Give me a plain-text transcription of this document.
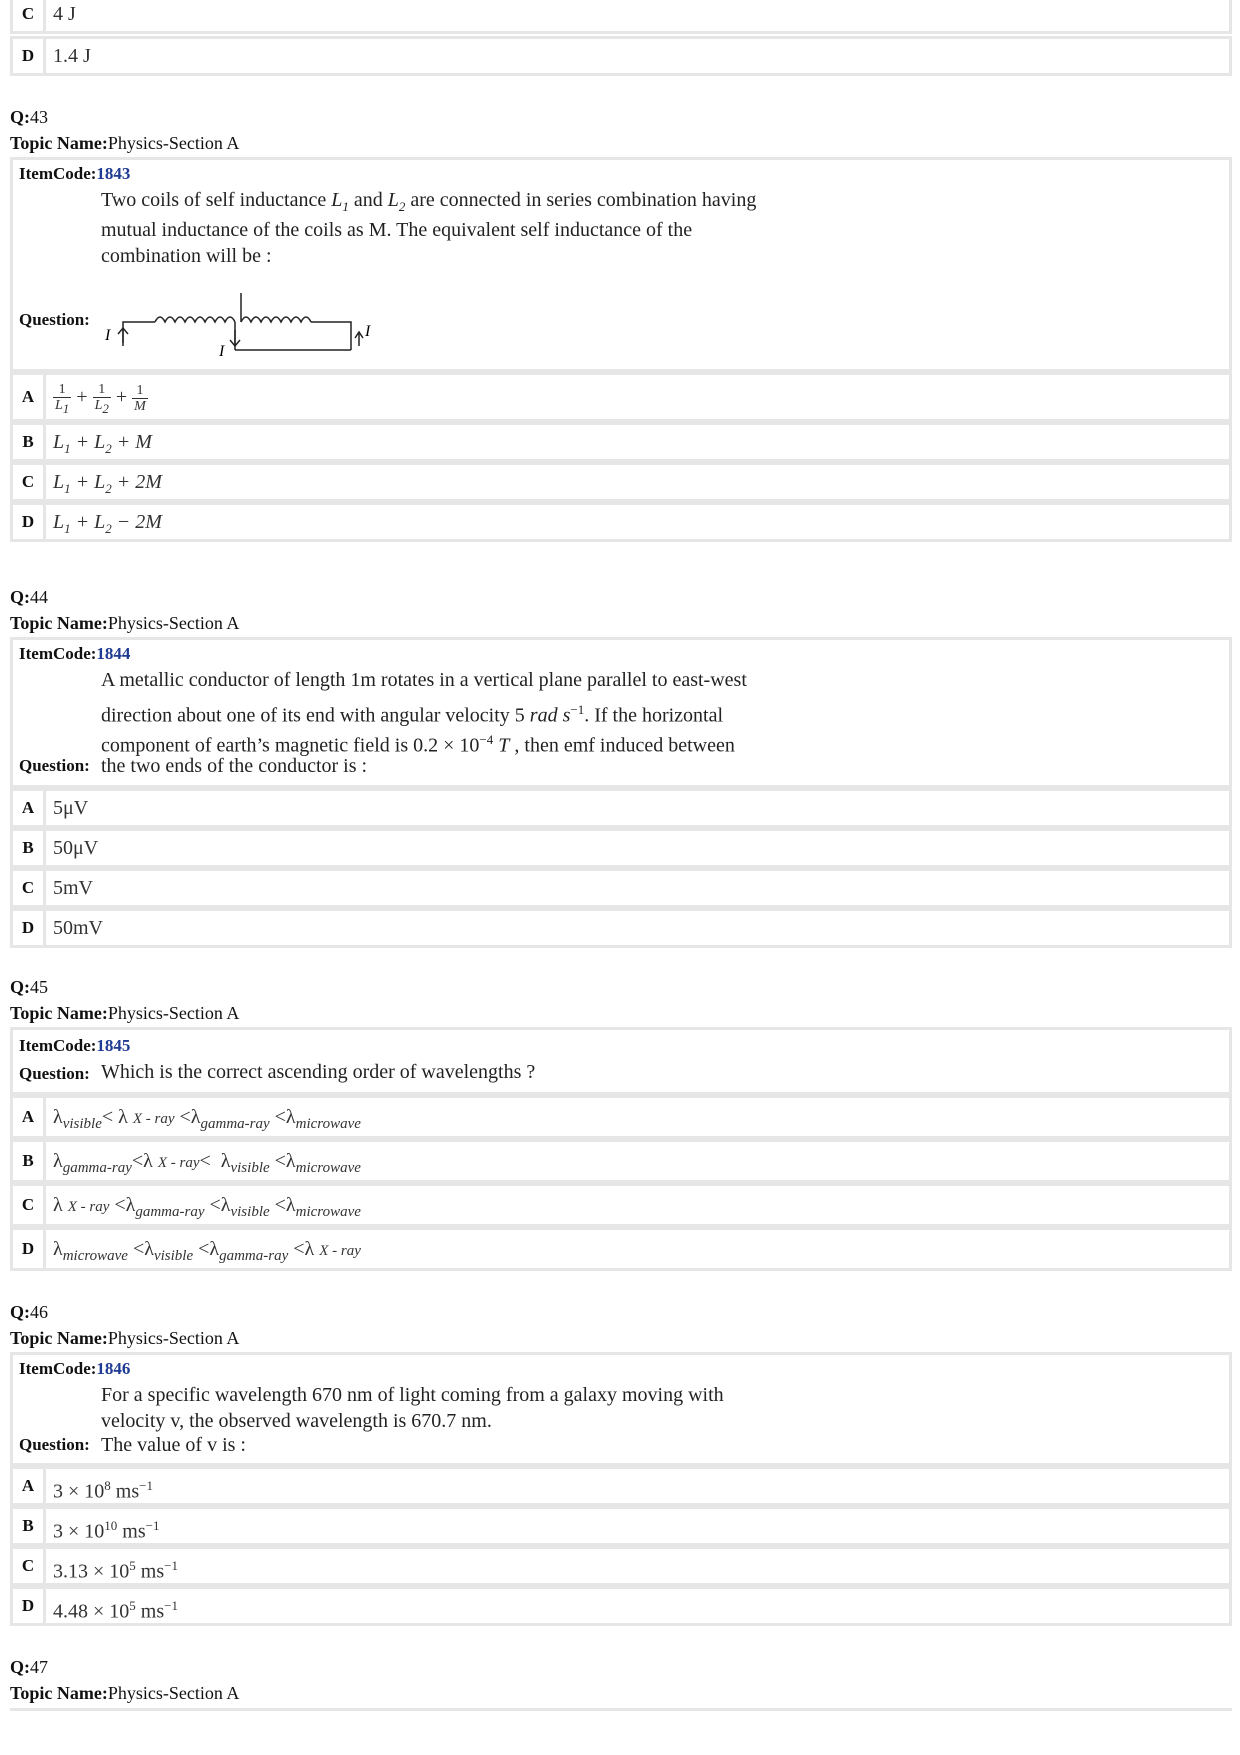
C 4 J
D 1.4 J
Q:43
Topic Name:Physics-Section A
ItemCode:1843
Two coils of self inductance $L_1$ and $L_2$ are connected in series combination having
mutual inductance of the coils as M. The equivalent self inductance of the
combination will be :
I
I
I
Question:
A	$\frac{1}{L_1} + \frac{1}{L_2} + \frac{1}{M}$
B $L_1 + L_2 + M$
C $L_1 + L_2 + 2M$
D $L_1 + L_2 - 2M$
Q:44
Topic Name:Physics-Section A
ItemCode:1844
A metallic conductor of length 1m rotates in a vertical plane parallel to east-west
direction about one of its end with angular velocity 5 rad $s^{-1}$. If the horizontal
component of earth’s magnetic field is $0.2 \times 10^{-4}$ T , then emf induced between
Question: the two ends of the conductor is :
A 5μV
B 50μV
C 5mV
D 50mV
Q:45
Topic Name:Physics-Section A
ItemCode:1845
Question: Which is the correct ascending order of wavelengths ?
A $\lambda_{visible}< \lambda$ X - ray $<\lambda_{gamma-ray} <\lambda_{microwave}$
B $\lambda_{gamma-ray}<\lambda$ $X - ray< \lambda_{visible} <\lambda_{microwave}$
C λ X - ray $<\lambda_{gamma-ray} <\lambda_{visible} <\lambda_{microwave}$
D $\lambda_{microwave} <\lambda_{visible} <\lambda_{gamma-ray} <\lambda$ X - ray
Q:46
Topic Name:Physics-Section A
ItemCode:1846
For a specific wavelength 670 nm of light coming from a galaxy moving with
velocity v, the observed wavelength is 670.7 nm.
Question: The value of v is :
A $3 \times 10^8$ $ms^{-1}$
B $3 \times 10^{10}$ $ms^{-1}$
C $3.13 \times 10^5$ $ms^{-1}$
D $4.48 \times 10^5$ $ms^{-1}$
Q:47
Topic Name:Physics-Section A
